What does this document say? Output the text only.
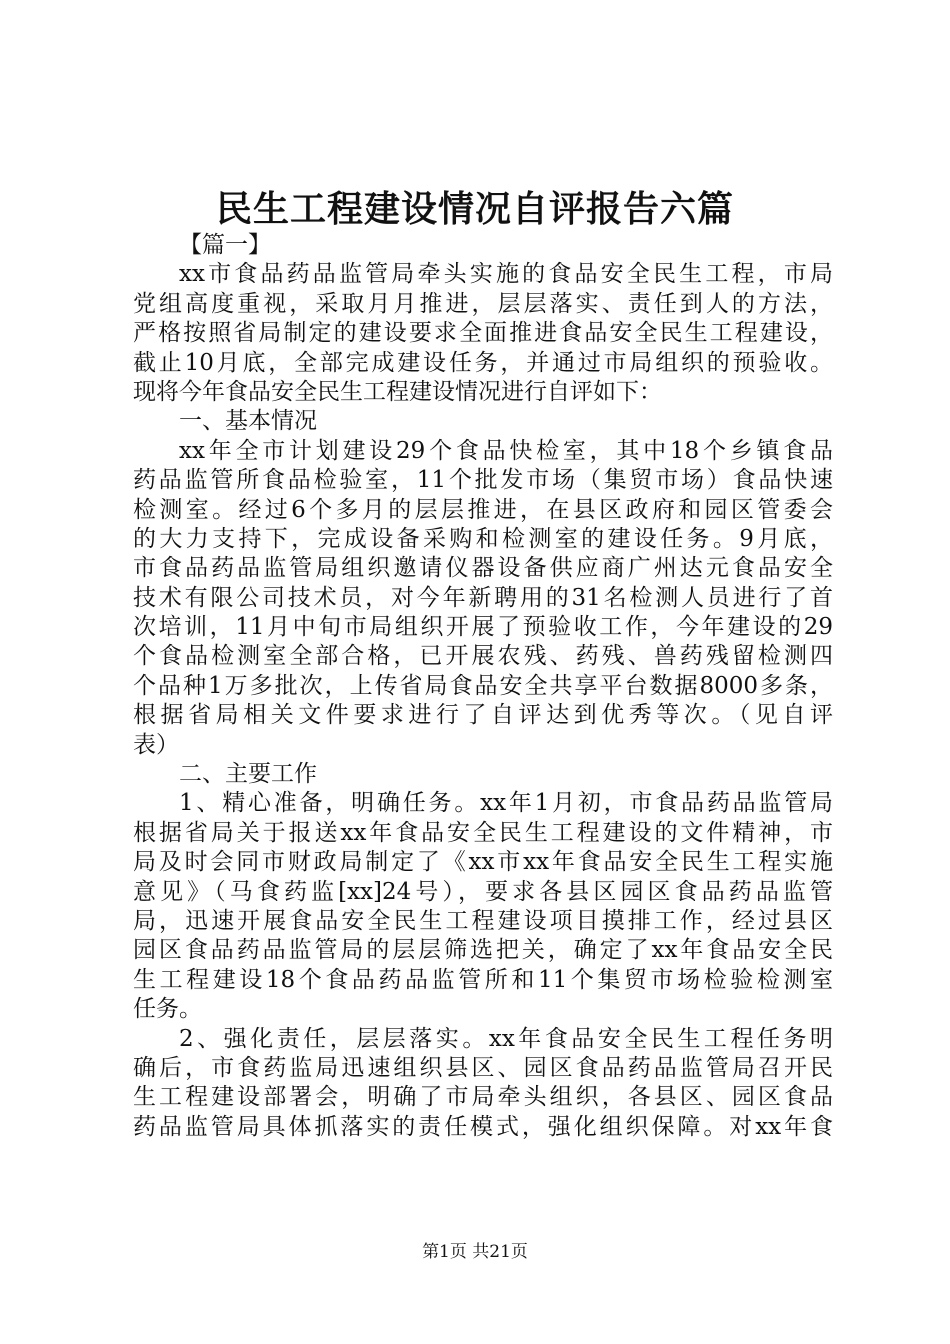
民生工程建设情况自评报告六篇
【篇一】
xx市食品药品监管局牵头实施的食品安全民生工程，市局
党组高度重视，采取月月推进，层层落实、责任到人的方法，
严格按照省局制定的建设要求全面推进食品安全民生工程建设，
截止10月底，全部完成建设任务，并通过市局组织的预验收。
现将今年食品安全民生工程建设情况进行自评如下：
一、基本情况
xx年全市计划建设29个食品快检室，其中18个乡镇食品
药品监管所食品检验室，11个批发市场（集贸市场）食品快速
检测室。经过6个多月的层层推进，在县区政府和园区管委会
的大力支持下，完成设备采购和检测室的建设任务。9月底，
市食品药品监管局组织邀请仪器设备供应商广州达元食品安全
技术有限公司技术员，对今年新聘用的31名检测人员进行了首
次培训，11月中旬市局组织开展了预验收工作，今年建设的29
个食品检测室全部合格，已开展农残、药残、兽药残留检测四
个品种1万多批次，上传省局食品安全共享平台数据8000多条，
根据省局相关文件要求进行了自评达到优秀等次。（见自评
表）
二、主要工作
1、精心准备，明确任务。xx年1月初，市食品药品监管局
根据省局关于报送xx年食品安全民生工程建设的文件精神，市
局及时会同市财政局制定了《xx市xx年食品安全民生工程实施
意见》（马食药监[xx]24号），要求各县区园区食品药品监管
局，迅速开展食品安全民生工程建设项目摸排工作，经过县区
园区食品药品监管局的层层筛选把关，确定了xx年食品安全民
生工程建设18个食品药品监管所和11个集贸市场检验检测室
任务。
2、强化责任，层层落实。xx年食品安全民生工程任务明
确后，市食药监局迅速组织县区、园区食品药品监管局召开民
生工程建设部署会，明确了市局牵头组织，各县区、园区食品
药品监管局具体抓落实的责任模式，强化组织保障。对xx年食
第1页 共21页
